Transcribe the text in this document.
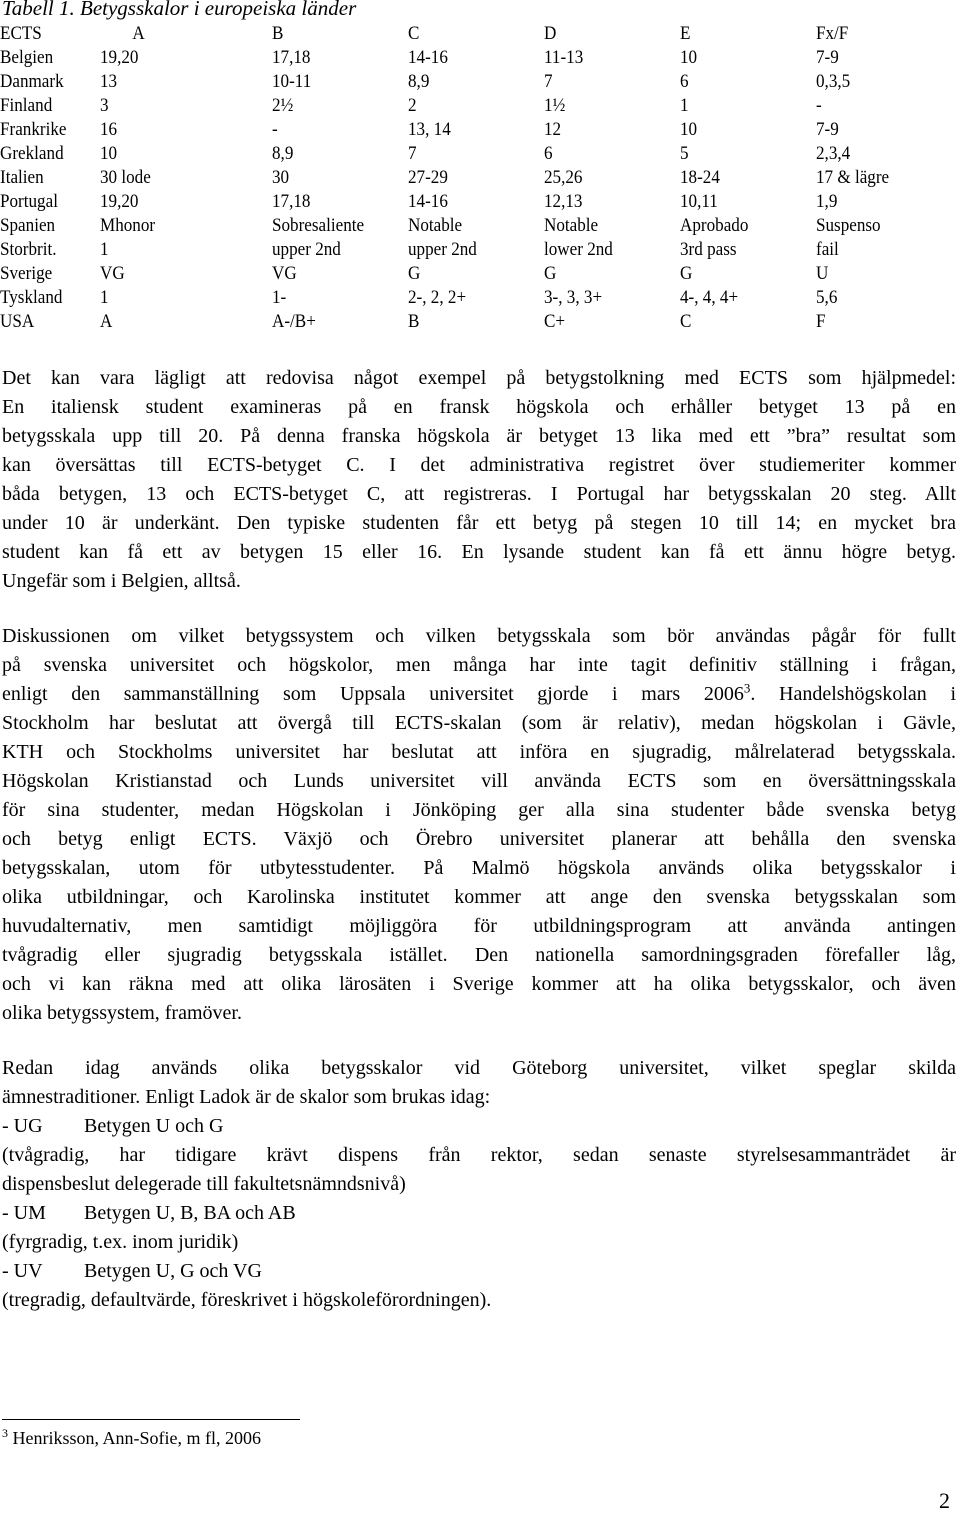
Tabell 1. Betygsskalor i europeiska länder
ECTS	A	B	C	D	E	Fx/F
Belgien	19,20	17,18	14-16	11-13	10	7-9
Danmark	13	10-11	8,9	7	6	0,3,5
Finland	3	2½	2	1½	1	-
Frankrike	16	-	13, 14	12	10	7-9
Grekland	10	8,9	7	6	5	2,3,4
Italien	30 lode	30	27-29	25,26	18-24	17 & lägre
Portugal	19,20	17,18	14-16	12,13	10,11	1,9
Spanien	Mhonor	Sobresaliente	Notable	Notable	Aprobado	Suspenso
Storbrit.	1	upper 2nd	upper 2nd	lower 2nd	3rd pass	fail
Sverige	VG	VG	G	G	G	U
Tyskland	1	1-	2-, 2, 2+	3-, 3, 3+	4-, 4, 4+	5,6
USA	A	A-/B+	B	C+	C	F
Det kan vara lägligt att redovisa något exempel på betygstolkning med ECTS som hjälpmedel:
En italiensk student examineras på en fransk högskola och erhåller betyget 13 på en
betygsskala upp till 20. På denna franska högskola är betyget 13 lika med ett ”bra” resultat som
kan översättas till ECTS-betyget C. I det administrativa registret över studiemeriter kommer
båda betygen, 13 och ECTS-betyget C, att registreras. I Portugal har betygsskalan 20 steg. Allt
under 10 är underkänt. Den typiske studenten får ett betyg på stegen 10 till 14; en mycket bra
student kan få ett av betygen 15 eller 16. En lysande student kan få ett ännu högre betyg.
Ungefär som i Belgien, alltså.
Diskussionen om vilket betygssystem och vilken betygsskala som bör användas pågår för fullt
på svenska universitet och högskolor, men många har inte tagit definitiv ställning i frågan,
enligt den sammanställning som Uppsala universitet gjorde i mars 2006$^3$. Handelshögskolan i
Stockholm har beslutat att övergå till ECTS-skalan (som är relativ), medan högskolan i Gävle,
KTH och Stockholms universitet har beslutat att införa en sjugradig, målrelaterad betygsskala.
Högskolan Kristianstad och Lunds universitet vill använda ECTS som en översättningsskala
för sina studenter, medan Högskolan i Jönköping ger alla sina studenter både svenska betyg
och betyg enligt ECTS. Växjö och Örebro universitet planerar att behålla den svenska
betygsskalan, utom för utbytesstudenter. På Malmö högskola används olika betygsskalor i
olika utbildningar, och Karolinska institutet kommer att ange den svenska betygsskalan som
huvudalternativ, men samtidigt möjliggöra för utbildningsprogram att använda antingen
tvågradig eller sjugradig betygsskala istället. Den nationella samordningsgraden förefaller låg,
och vi kan räkna med att olika lärosäten i Sverige kommer att ha olika betygsskalor, och även
olika betygssystem, framöver.
Redan idag används olika betygsskalor vid Göteborg universitet, vilket speglar skilda
ämnestraditioner. Enligt Ladok är de skalor som brukas idag:
- UG Betygen U och G
(tvågradig, har tidigare krävt dispens från rektor, sedan senaste styrelsesammanträdet är
dispensbeslut delegerade till fakultetsnämndsnivå)
- UM Betygen U, B, BA och AB
(fyrgradig, t.ex. inom juridik)
- UV Betygen U, G och VG
(tregradig, defaultvärde, föreskrivet i högskoleförordningen).
$^3$ Henriksson, Ann-Sofie, m fl, 2006
2
